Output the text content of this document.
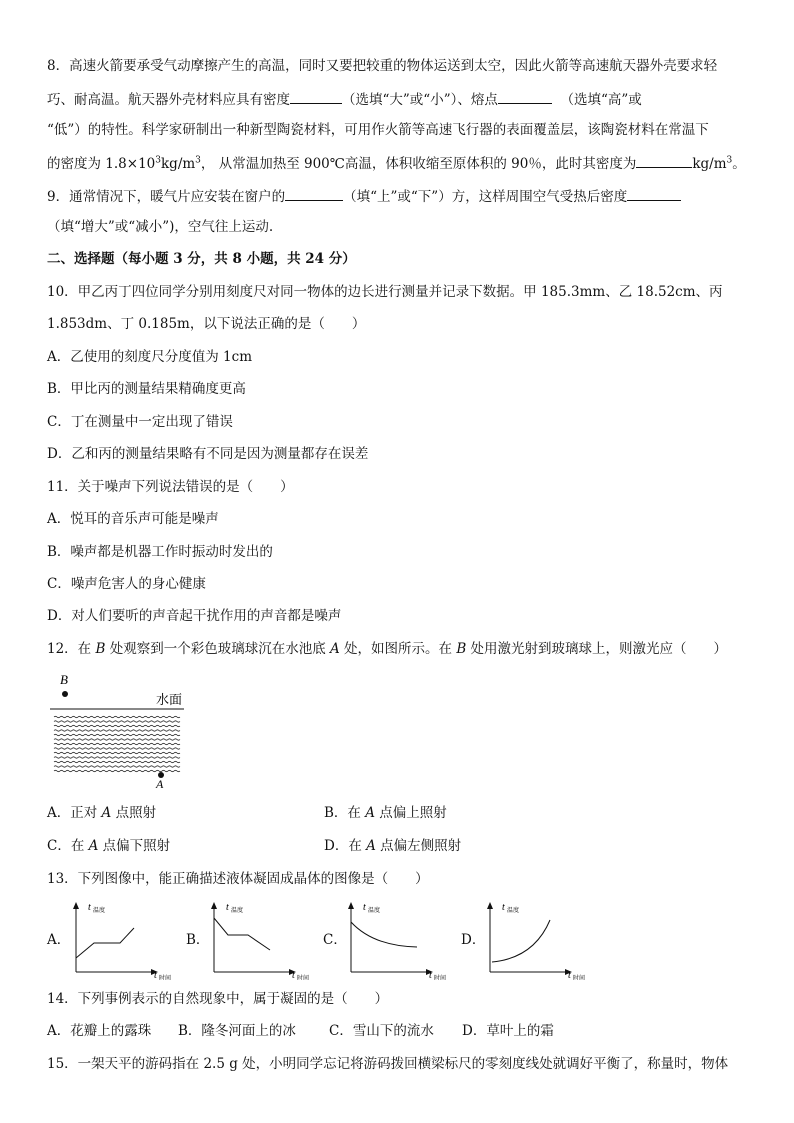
8．高速火箭要承受气动摩擦产生的高温，同时又要把较重的物体运送到太空，因此火箭等高速航天器外壳要求轻
巧、耐高温。航天器外壳材料应具有密度	（选填“大”或“小”）、熔点	（选填“高”或
“低”）的特性。科学家研制出一种新型陶瓷材料，可用作火箭等高速飞行器的表面覆盖层，该陶瓷材料在常温下
的密度为 $1.8\times 10^3kg/m^3$， 从常温加热至 900℃高温，体积收缩至原体积的 90％，此时其密度为	$kg/m^3$。
9．通常情况下，暖气片应安装在窗户的	（填“上”或“下”）方，这样周围空气受热后密度
（填“增大”或“减小”)，空气往上运动.
二、选择题（每小题 3 分，共 8 小题，共 24 分）
10．甲乙丙丁四位同学分别用刻度尺对同一物体的边长进行测量并记录下数据。甲 185.3mm、乙 18.52cm、丙
1.853dm、丁 0.185m，以下说法正确的是（　　）
A．乙使用的刻度尺分度值为 1cm
B．甲比丙的测量结果精确度更高
C．丁在测量中一定出现了错误
D．乙和丙的测量结果略有不同是因为测量都存在误差
11．关于噪声下列说法错误的是（　　）
A．悦耳的音乐声可能是噪声
B．噪声都是机器工作时振动时发出的
C．噪声危害人的身心健康
D．对人们要听的声音起干扰作用的声音都是噪声
12．在 B 处观察到一个彩色玻璃球沉在水池底 A 处，如图所示。在 B 处用激光射到玻璃球上，则激光应（　　）
B
水面
A
A．正对 A 点照射	B．在 A 点偏上照射
C．在 A 点偏下照射	D．在 A 点偏左侧照射
13．下列图像中，能正确描述液体凝固成晶体的图像是（　　）
A．
t 温度
t 时间
B．
t 温度
t 时间
C．
t 温度
t 时间
D．
t 温度
t 时间
14．下列事例表示的自然现象中，属于凝固的是（　　）
A．花瓣上的露珠 B．隆冬河面上的冰 C．雪山下的流水 D．草叶上的霜
15．一架天平的游码指在 2.5 g 处，小明同学忘记将游码拨回横梁标尺的零刻度线处就调好平衡了，称量时，物体
